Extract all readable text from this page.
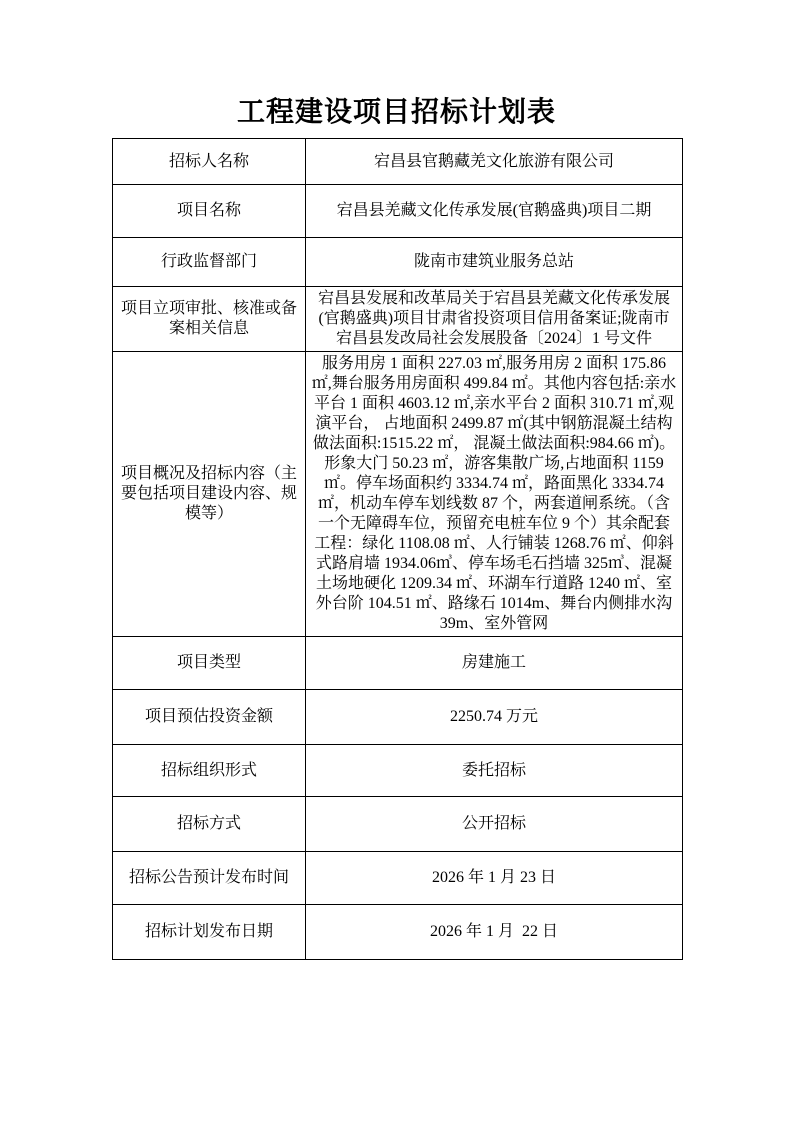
工程建设项目招标计划表
招标人名称	宕昌县官鹅藏羌文化旅游有限公司
项目名称	宕昌县羌藏文化传承发展(官鹅盛典)项目二期
行政监督部门	陇南市建筑业服务总站
项目立项审批、核准或备案相关信息	宕昌县发展和改革局关于宕昌县羌藏文化传承发展(官鹅盛典)项目甘肃省投资项目信用备案证;陇南市宕昌县发改局社会发展股备〔2024〕1 号文件
项目概况及招标内容（主要包括项目建设内容、规模等）	服务用房 1 面积 227.03 ㎡,服务用房 2 面积 175.86 ㎡,舞台服务用房面积 499.84 ㎡。其他内容包括:亲水平台 1 面积 4603.12 ㎡,亲水平台 2 面积 310.71 ㎡,观演平台， 占地面积 2499.87 ㎡(其中钢筋混凝土结构做法面积:1515.22 ㎡， 混凝土做法面积:984.66 ㎡)。形象大门 50.23 ㎡，游客集散广场,占地面积 1159 ㎡。停车场面积约 3334.74 ㎡，路面黑化 3334.74 ㎡，机动车停车划线数 87 个，两套道闸系统。（含一个无障碍车位，预留充电桩车位 9 个）其余配套工程：绿化 1108.08 ㎡、人行铺装 1268.76 ㎡、仰斜式路肩墙 1934.06㎥、停车场毛石挡墙 325㎥、混凝土场地硬化 1209.34 ㎡、环湖车行道路 1240 ㎡、室外台阶 104.51 ㎡、路缘石 1014m、舞台内侧排水沟 39m、室外管网
项目类型	房建施工
项目预估投资金额	2250.74 万元
招标组织形式	委托招标
招标方式	公开招标
招标公告预计发布时间	2026 年 1 月 23 日
招标计划发布日期	2026 年 1 月  22 日
